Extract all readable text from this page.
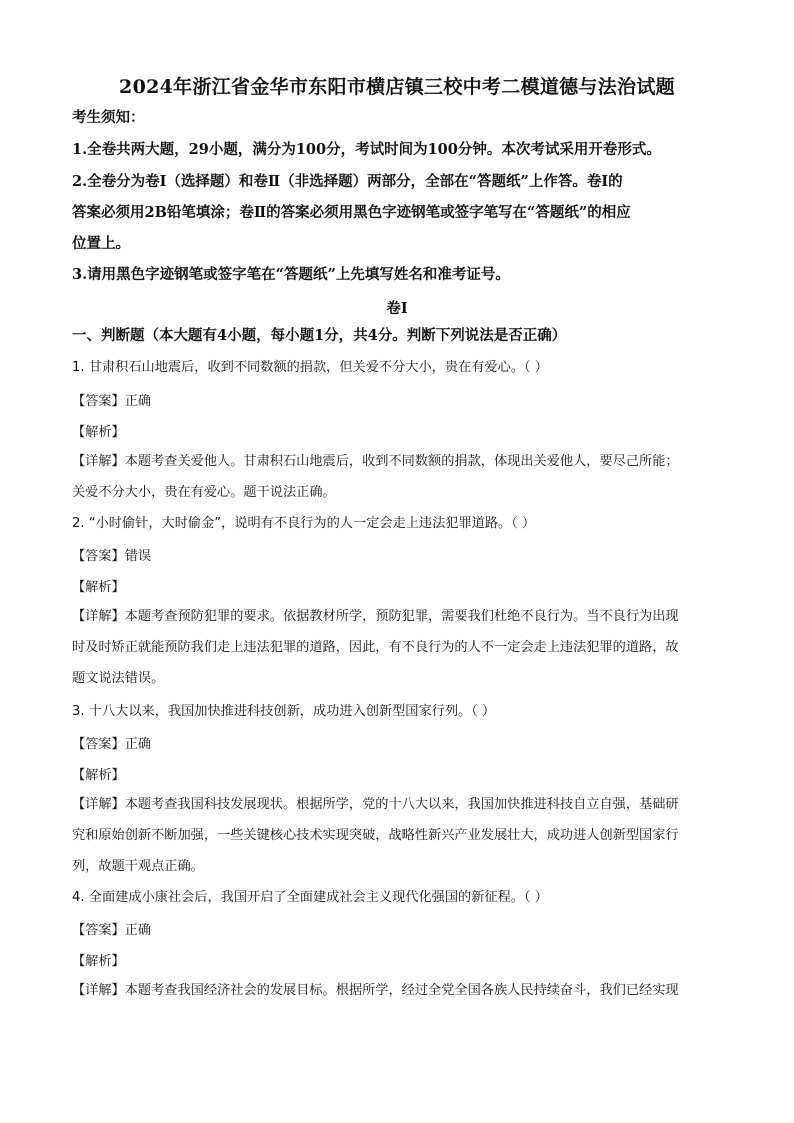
2024年浙江省金华市东阳市横店镇三校中考二模道德与法治试题
考生须知：
1.全卷共两大题，29小题，满分为100分，考试时间为100分钟。本次考试采用开卷形式。
2.全卷分为卷Ⅰ（选择题）和卷Ⅱ（非选择题）两部分，全部在“答题纸”上作答。卷Ⅰ的
答案必须用2B铅笔填涂；卷Ⅱ的答案必须用黑色字迹钢笔或签字笔写在“答题纸”的相应
位置上。
3.请用黑色字迹钢笔或签字笔在“答题纸”上先填写姓名和准考证号。
卷Ⅰ
一、判断题（本大题有4小题，每小题1分，共4分。判断下列说法是否正确）
1. 甘肃积石山地震后，收到不同数额的捐款，但关爱不分大小，贵在有爱心。（ ）
【答案】正确
【解析】
【详解】本题考查关爱他人。甘肃积石山地震后，收到不同数额的捐款，体现出关爱他人，要尽己所能；
关爱不分大小，贵在有爱心。题干说法正确。
2. “小时偷针，大时偷金”，说明有不良行为的人一定会走上违法犯罪道路。（ ）
【答案】错误
【解析】
【详解】本题考查预防犯罪的要求。依据教材所学，预防犯罪，需要我们杜绝不良行为。当不良行为出现
时及时矫正就能预防我们走上违法犯罪的道路，因此，有不良行为的人不一定会走上违法犯罪的道路，故
题文说法错误。
3. 十八大以来，我国加快推进科技创新，成功进入创新型国家行列。（ ）
【答案】正确
【解析】
【详解】本题考查我国科技发展现状。根据所学，党的十八大以来，我国加快推进科技自立自强，基础研
究和原始创新不断加强，一些关键核心技术实现突破，战略性新兴产业发展壮大，成功进人创新型国家行
列，故题干观点正确。
4. 全面建成小康社会后，我国开启了全面建成社会主义现代化强国的新征程。（ ）
【答案】正确
【解析】
【详解】本题考查我国经济社会的发展目标。根据所学，经过全党全国各族人民持续奋斗，我们已经实现
